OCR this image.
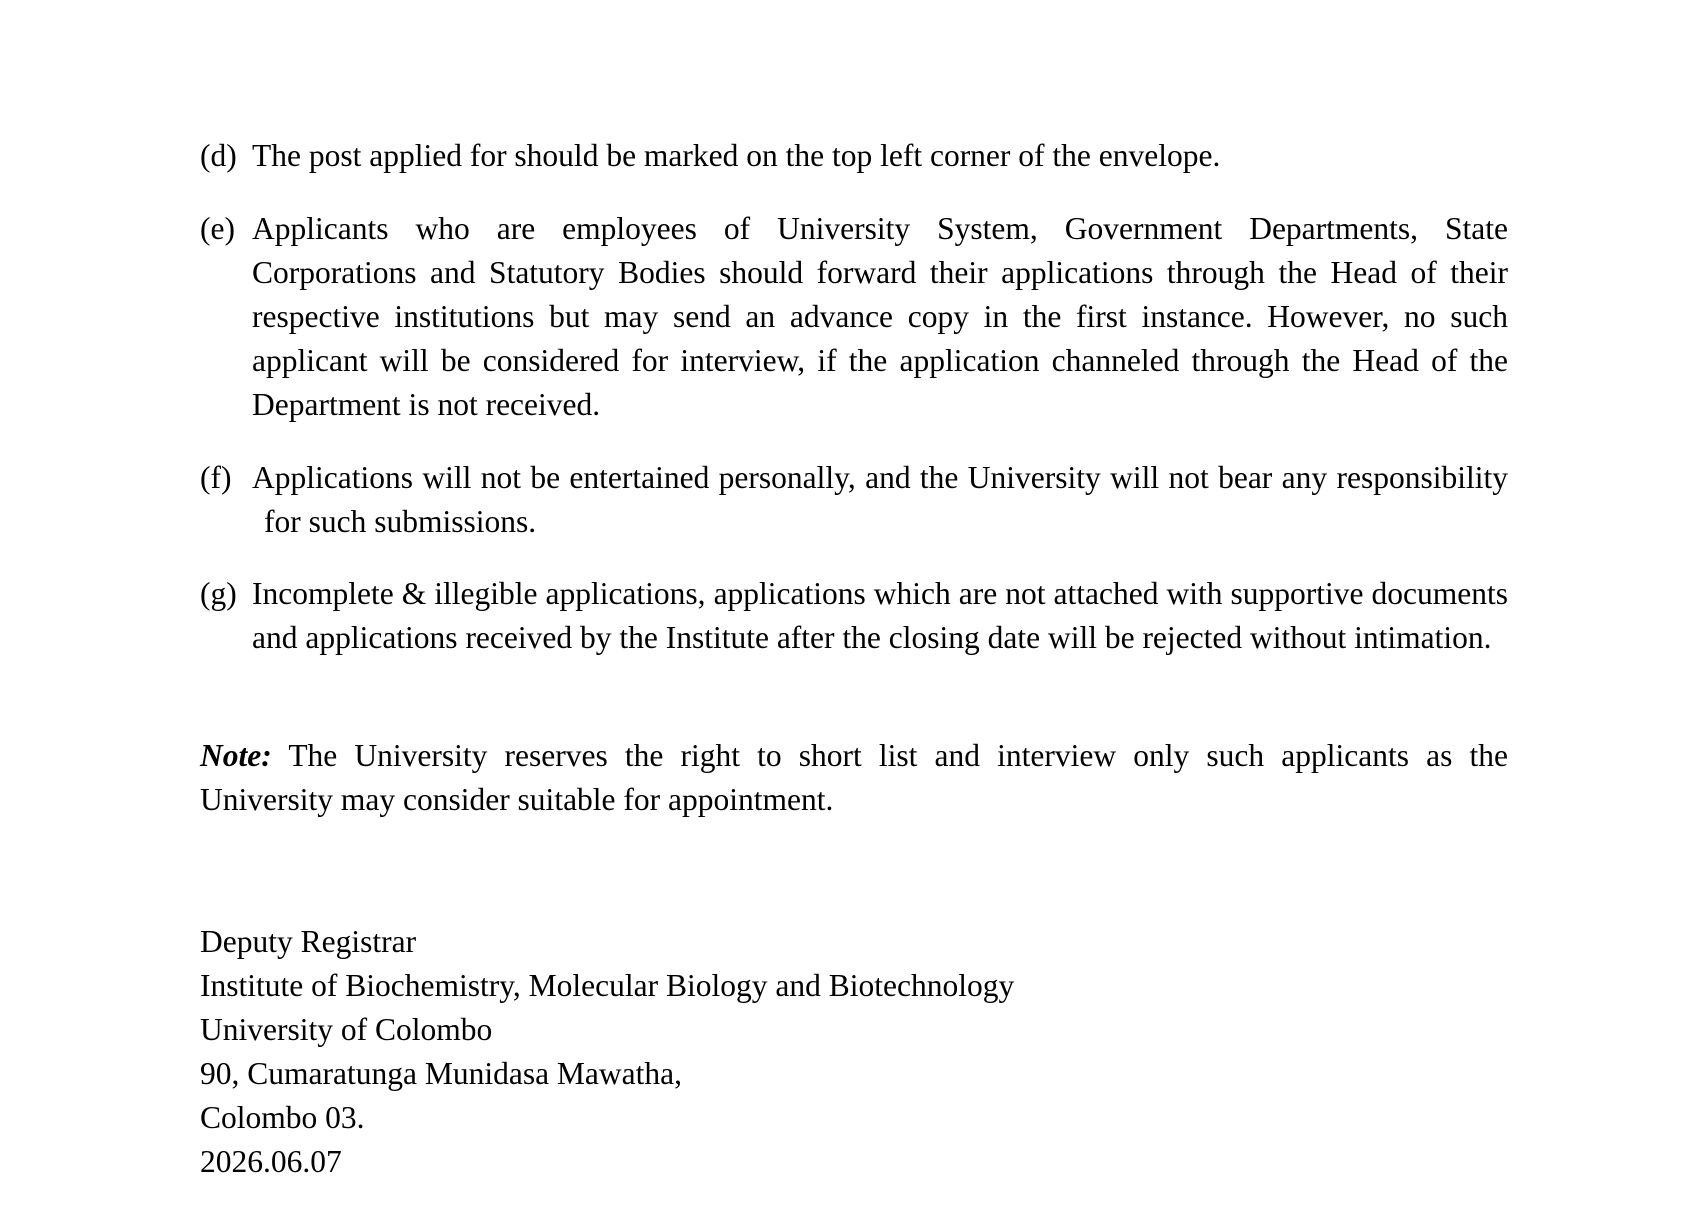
(d) The post applied for should be marked on the top left corner of the envelope.
(e) Applicants who are employees of University System, Government Departments, State Corporations and Statutory Bodies should forward their applications through the Head of their respective institutions but may send an advance copy in the first instance. However, no such applicant will be considered for interview, if the application channeled through the Head of the Department is not received.
(f) Applications will not be entertained personally, and the University will not bear any responsibility for such submissions.
(g) Incomplete & illegible applications, applications which are not attached with supportive documents and applications received by the Institute after the closing date will be rejected without intimation.
Note: The University reserves the right to short list and interview only such applicants as the University may consider suitable for appointment.
Deputy Registrar
Institute of Biochemistry, Molecular Biology and Biotechnology
University of Colombo
90, Cumaratunga Munidasa Mawatha,
Colombo 03.
2026.06.07
